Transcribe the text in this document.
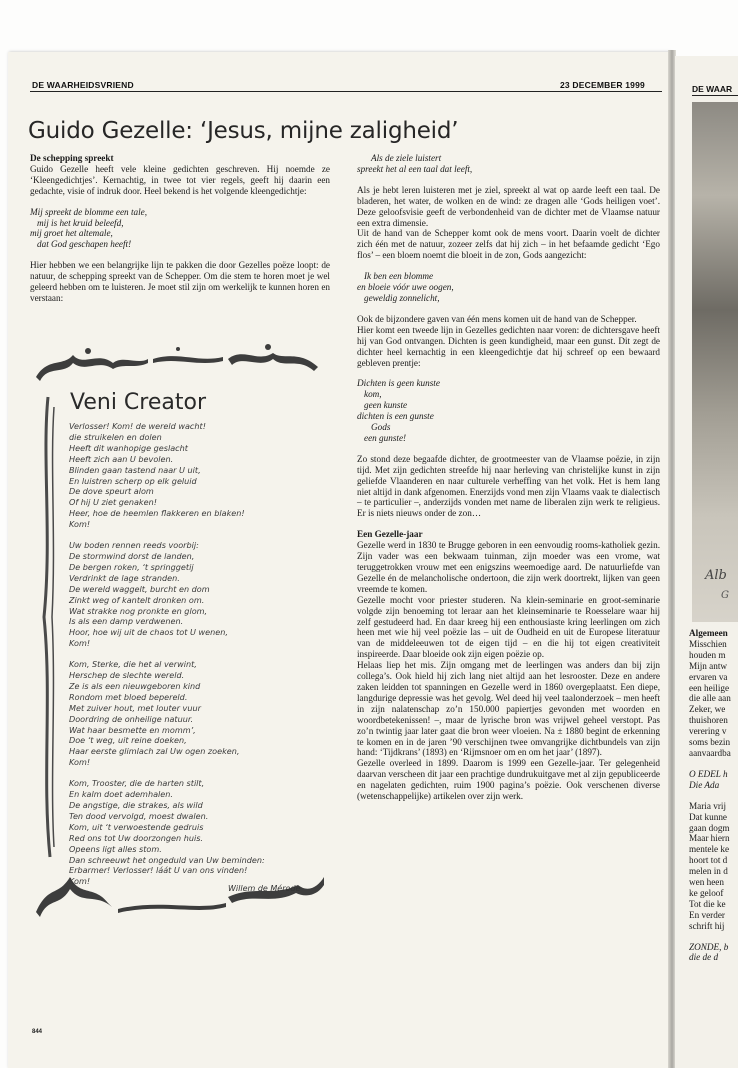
DE WAAR
Alb
G
Algemeen
Misschien
houden m
Mijn antw
ervaren va
een heilige
die alle aan
Zeker, we
thuishoren
verering v
soms bezin
aanvaardba
O EDEL h
Die Ada
Maria vrij
Dat kunne
gaan dogm
Maar hiern
mentele ke
hoort tot d
melen in d
wen heen
ke geloof
Tot die ke
En verder
schrift hij
ZONDE, b
die de d
DE WAARHEIDSVRIEND	23 DECEMBER 1999
Guido Gezelle: ‘Jesus, mijne zaligheid’

De schepping spreekt

Guido Gezelle heeft vele kleine gedichten geschreven. Hij noemde ze ‘Kleengedichtjes’. Kernachtig, in twee tot vier regels, geeft hij daarin een gedachte, visie of indruk door. Heel bekend is het volgende kleengedichtje:

Mij spreekt de blomme een tale,
mij is het kruid beleefd,
mij groet het altemale,
dat God geschapen heeft!

Hier hebben we een belangrijke lijn te pakken die door Gezelles poëze loopt: de natuur, de schepping spreekt van de Schepper. Om die stem te horen moet je wel geleerd hebben om te luisteren. Je moet stil zijn om werkelijk te kunnen horen en verstaan:

Veni Creator
Verlosser! Kom! de wereld wacht!
die struikelen en dolen
Heeft dit wanhopige geslacht
Heeft zich aan U bevolen.
Blinden gaan tastend naar U uit,
En luistren scherp op elk geluid
De dove speurt alom
Of hij U ziet genaken!
Heer, hoe de heemlen flakkeren en blaken!
Kom!
Uw boden rennen reeds voorbij:
De stormwind dorst de landen,
De bergen roken, ‘t springgetij
Verdrinkt de lage stranden.
De wereld waggelt, burcht en dom
Zinkt weg of kantelt dronken om.
Wat strakke nog pronkte en glom,
Is als een damp verdwenen.
Hoor, hoe wij uit de chaos tot U wenen,
Kom!
Kom, Sterke, die het al verwint,
Herschep de slechte wereld.
Ze is als een nieuwgeboren kind
Rondom met bloed bepereld.
Met zuiver hout, met louter vuur
Doordring de onheilige natuur.
Wat haar besmette en momm’,
Doe ‘t weg, uit reine doeken,
Haar eerste glimlach zal Uw ogen zoeken,
Kom!
Kom, Trooster, die de harten stilt,
En kalm doet ademhalen.
De angstige, die strakes, als wild
Ten dood vervolgd, moest dwalen.
Kom, uit ‘t verwoestende gedruis
Red ons tot Uw doorzongen huis.
Opeens ligt alles stom.
Dan schreeuwt het ongeduld van Uw beminden:
Erbarmer! Verlosser! láát U van ons vinden!
Kom!
Willem de Mérode
Als de ziele luistert
spreekt het al een taal dat leeft,

Als je hebt leren luisteren met je ziel, spreekt al wat op aarde leeft een taal. De bladeren, het water, de wolken en de wind: ze dragen alle ‘Gods heiligen voet’. Deze geloofsvisie geeft de verbondenheid van de dichter met de Vlaamse natuur een extra dimensie.

Uit de hand van de Schepper komt ook de mens voort. Daarin voelt de dichter zich één met de natuur, zozeer zelfs dat hij zich – in het befaamde gedicht ‘Ego flos’ – een bloem noemt die bloeit in de zon, Gods aangezicht:

Ik ben een blomme
en bloeie vóór uwe oogen,
geweldig zonnelicht,

Ook de bijzondere gaven van één mens komen uit de hand van de Schepper.

Hier komt een tweede lijn in Gezelles gedichten naar voren: de dichtersgave heeft hij van God ontvangen. Dichten is geen kundigheid, maar een gunst. Dit zegt de dichter heel kernachtig in een kleengedichtje dat hij schreef op een bewaard gebleven prentje:

Dichten is geen kunste
kom,
geen kunste
dichten is een gunste
Gods
een gunste!

Zo stond deze begaafde dichter, de grootmeester van de Vlaamse poëzie, in zijn tijd. Met zijn gedichten streefde hij naar herleving van christelijke kunst in zijn geliefde Vlaanderen en naar culturele verheffing van het volk. Het is hem lang niet altijd in dank afgenomen. Enerzijds vond men zijn Vlaams vaak te dialectisch – te particulier –, anderzijds vonden met name de liberalen zijn werk te religieus. Er is niets nieuws onder de zon…

Een Gezelle-jaar

Gezelle werd in 1830 te Brugge geboren in een eenvoudig rooms-katholiek gezin. Zijn vader was een bekwaam tuinman, zijn moeder was een vrome, wat teruggetrokken vrouw met een enigszins weemoedige aard. De natuurliefde van Gezelle én de melancholische ondertoon, die zijn werk doortrekt, lijken van geen vreemde te komen.

Gezelle mocht voor priester studeren. Na klein-seminarie en groot-seminarie volgde zijn benoeming tot leraar aan het kleinseminarie te Roesselare waar hij zelf gestudeerd had. En daar kreeg hij een enthousiaste kring leerlingen om zich heen met wie hij veel poëzie las – uit de Oudheid en uit de Europese literatuur van de middeleeuwen tot de eigen tijd – en die hij tot eigen creativiteit inspireerde. Daar bloeide ook zijn eigen poëzie op.

Helaas liep het mis. Zijn omgang met de leerlingen was anders dan bij zijn collega’s. Ook hield hij zich lang niet altijd aan het lesrooster. Deze en andere zaken leidden tot spanningen en Gezelle werd in 1860 overgeplaatst. Een diepe, langdurige depressie was het gevolg. Wel deed hij veel taalonderzoek – men heeft in zijn nalatenschap zo’n 150.000 papiertjes gevonden met woorden en woordbetekenissen! –, maar de lyrische bron was vrijwel geheel verstopt. Pas zo’n twintig jaar later gaat die bron weer vloeien. Na ± 1880 begint de erkenning te komen en in de jaren ’90 verschijnen twee omvangrijke dichtbundels van zijn hand: ‘Tijdkrans’ (1893) en ‘Rijmsnoer om en om het jaar’ (1897).

Gezelle overleed in 1899. Daarom is 1999 een Gezelle-jaar. Ter gelegenheid daarvan verscheen dit jaar een prachtige dundrukuitgave met al zijn gepubliceerde en nagelaten gedichten, ruim 1900 pagina’s poëzie. Ook verschenen diverse (wetenschappelijke) artikelen over zijn werk.

844
